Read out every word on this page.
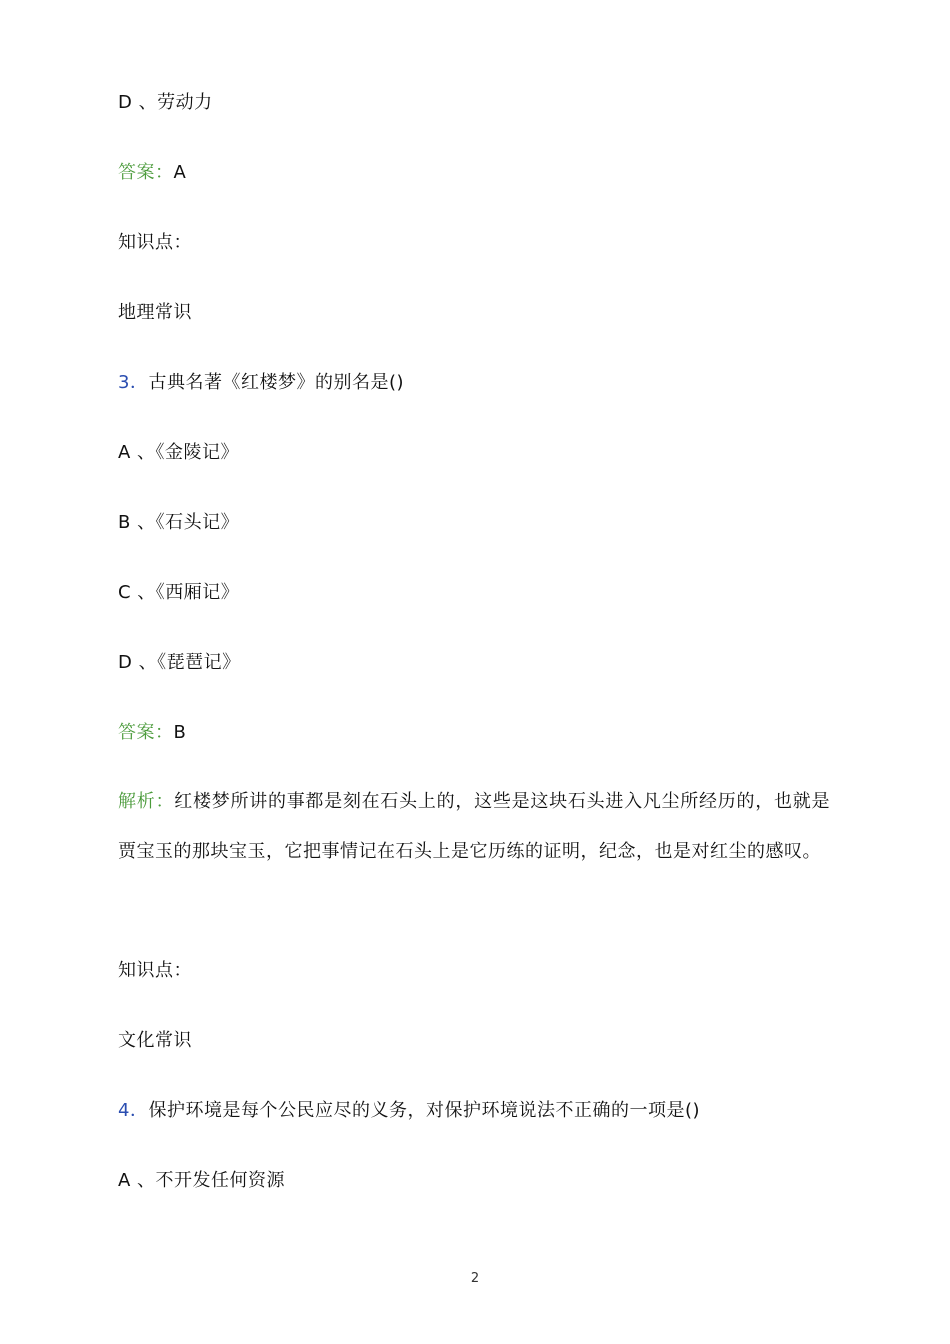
D 、劳动力
答案：A
知识点：
地理常识
3．古典名著《红楼梦》的别名是()
A 、《金陵记》
B 、《石头记》
C 、《西厢记》
D 、《琵琶记》
答案：B
解析：红楼梦所讲的事都是刻在石头上的，这些是这块石头进入凡尘所经历的，也就是贾宝玉的那块宝玉，它把事情记在石头上是它历练的证明，纪念，也是对红尘的感叹。
知识点：
文化常识
4．保护环境是每个公民应尽的义务，对保护环境说法不正确的一项是()
A 、不开发任何资源
2
